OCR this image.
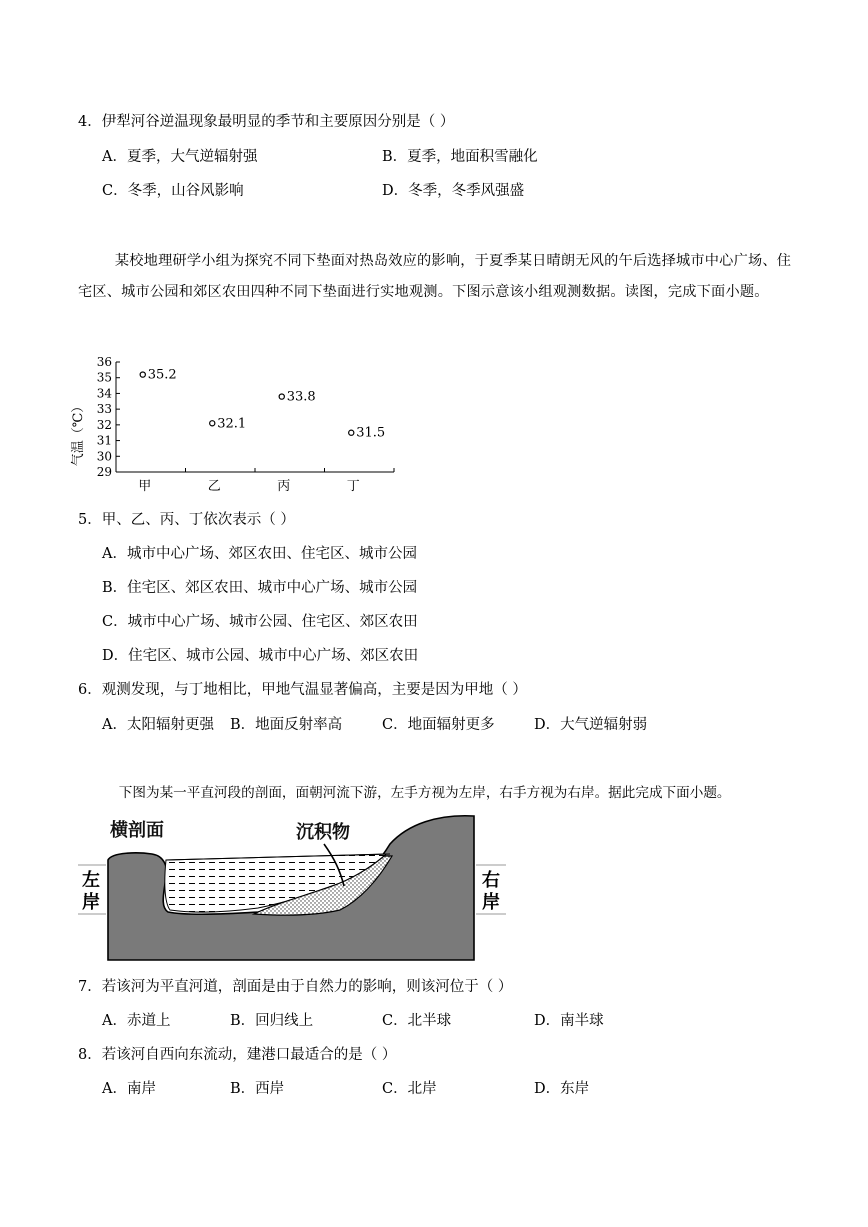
4．伊犁河谷逆温现象最明显的季节和主要原因分别是（ ）
A．夏季，大气逆辐射强	B．夏季，地面积雪融化
C．冬季，山谷风影响	D．冬季，冬季风强盛
某校地理研学小组为探究不同下垫面对热岛效应的影响，于夏季某日晴朗无风的午后选择城市中心广场、住宅区、城市公园和郊区农田四种不同下垫面进行实地观测。下图示意该小组观测数据。读图，完成下面小题。
29
30
31
32
33
34
35
36
35.2
32.1
33.8
31.5
甲	乙	丙	丁
气温（℃）
5．甲、乙、丙、丁依次表示（ ）
A．城市中心广场、郊区农田、住宅区、城市公园
B．住宅区、郊区农田、城市中心广场、城市公园
C．城市中心广场、城市公园、住宅区、郊区农田
D．住宅区、城市公园、城市中心广场、郊区农田
6．观测发现，与丁地相比，甲地气温显著偏高，主要是因为甲地（ ）
A．太阳辐射更强 B．地面反射率高	C．地面辐射更多	D．大气逆辐射弱
下图为某一平直河段的剖面，面朝河流下游，左手方视为左岸，右手方视为右岸。据此完成下面小题。
横剖面	沉积物
左
岸
右
岸
7．若该河为平直河道，剖面是由于自然力的影响，则该河位于（ ）
A．赤道上	B．回归线上	C．北半球	D．南半球
8．若该河自西向东流动，建港口最适合的是（ ）
A．南岸	B．西岸	C．北岸	D．东岸
